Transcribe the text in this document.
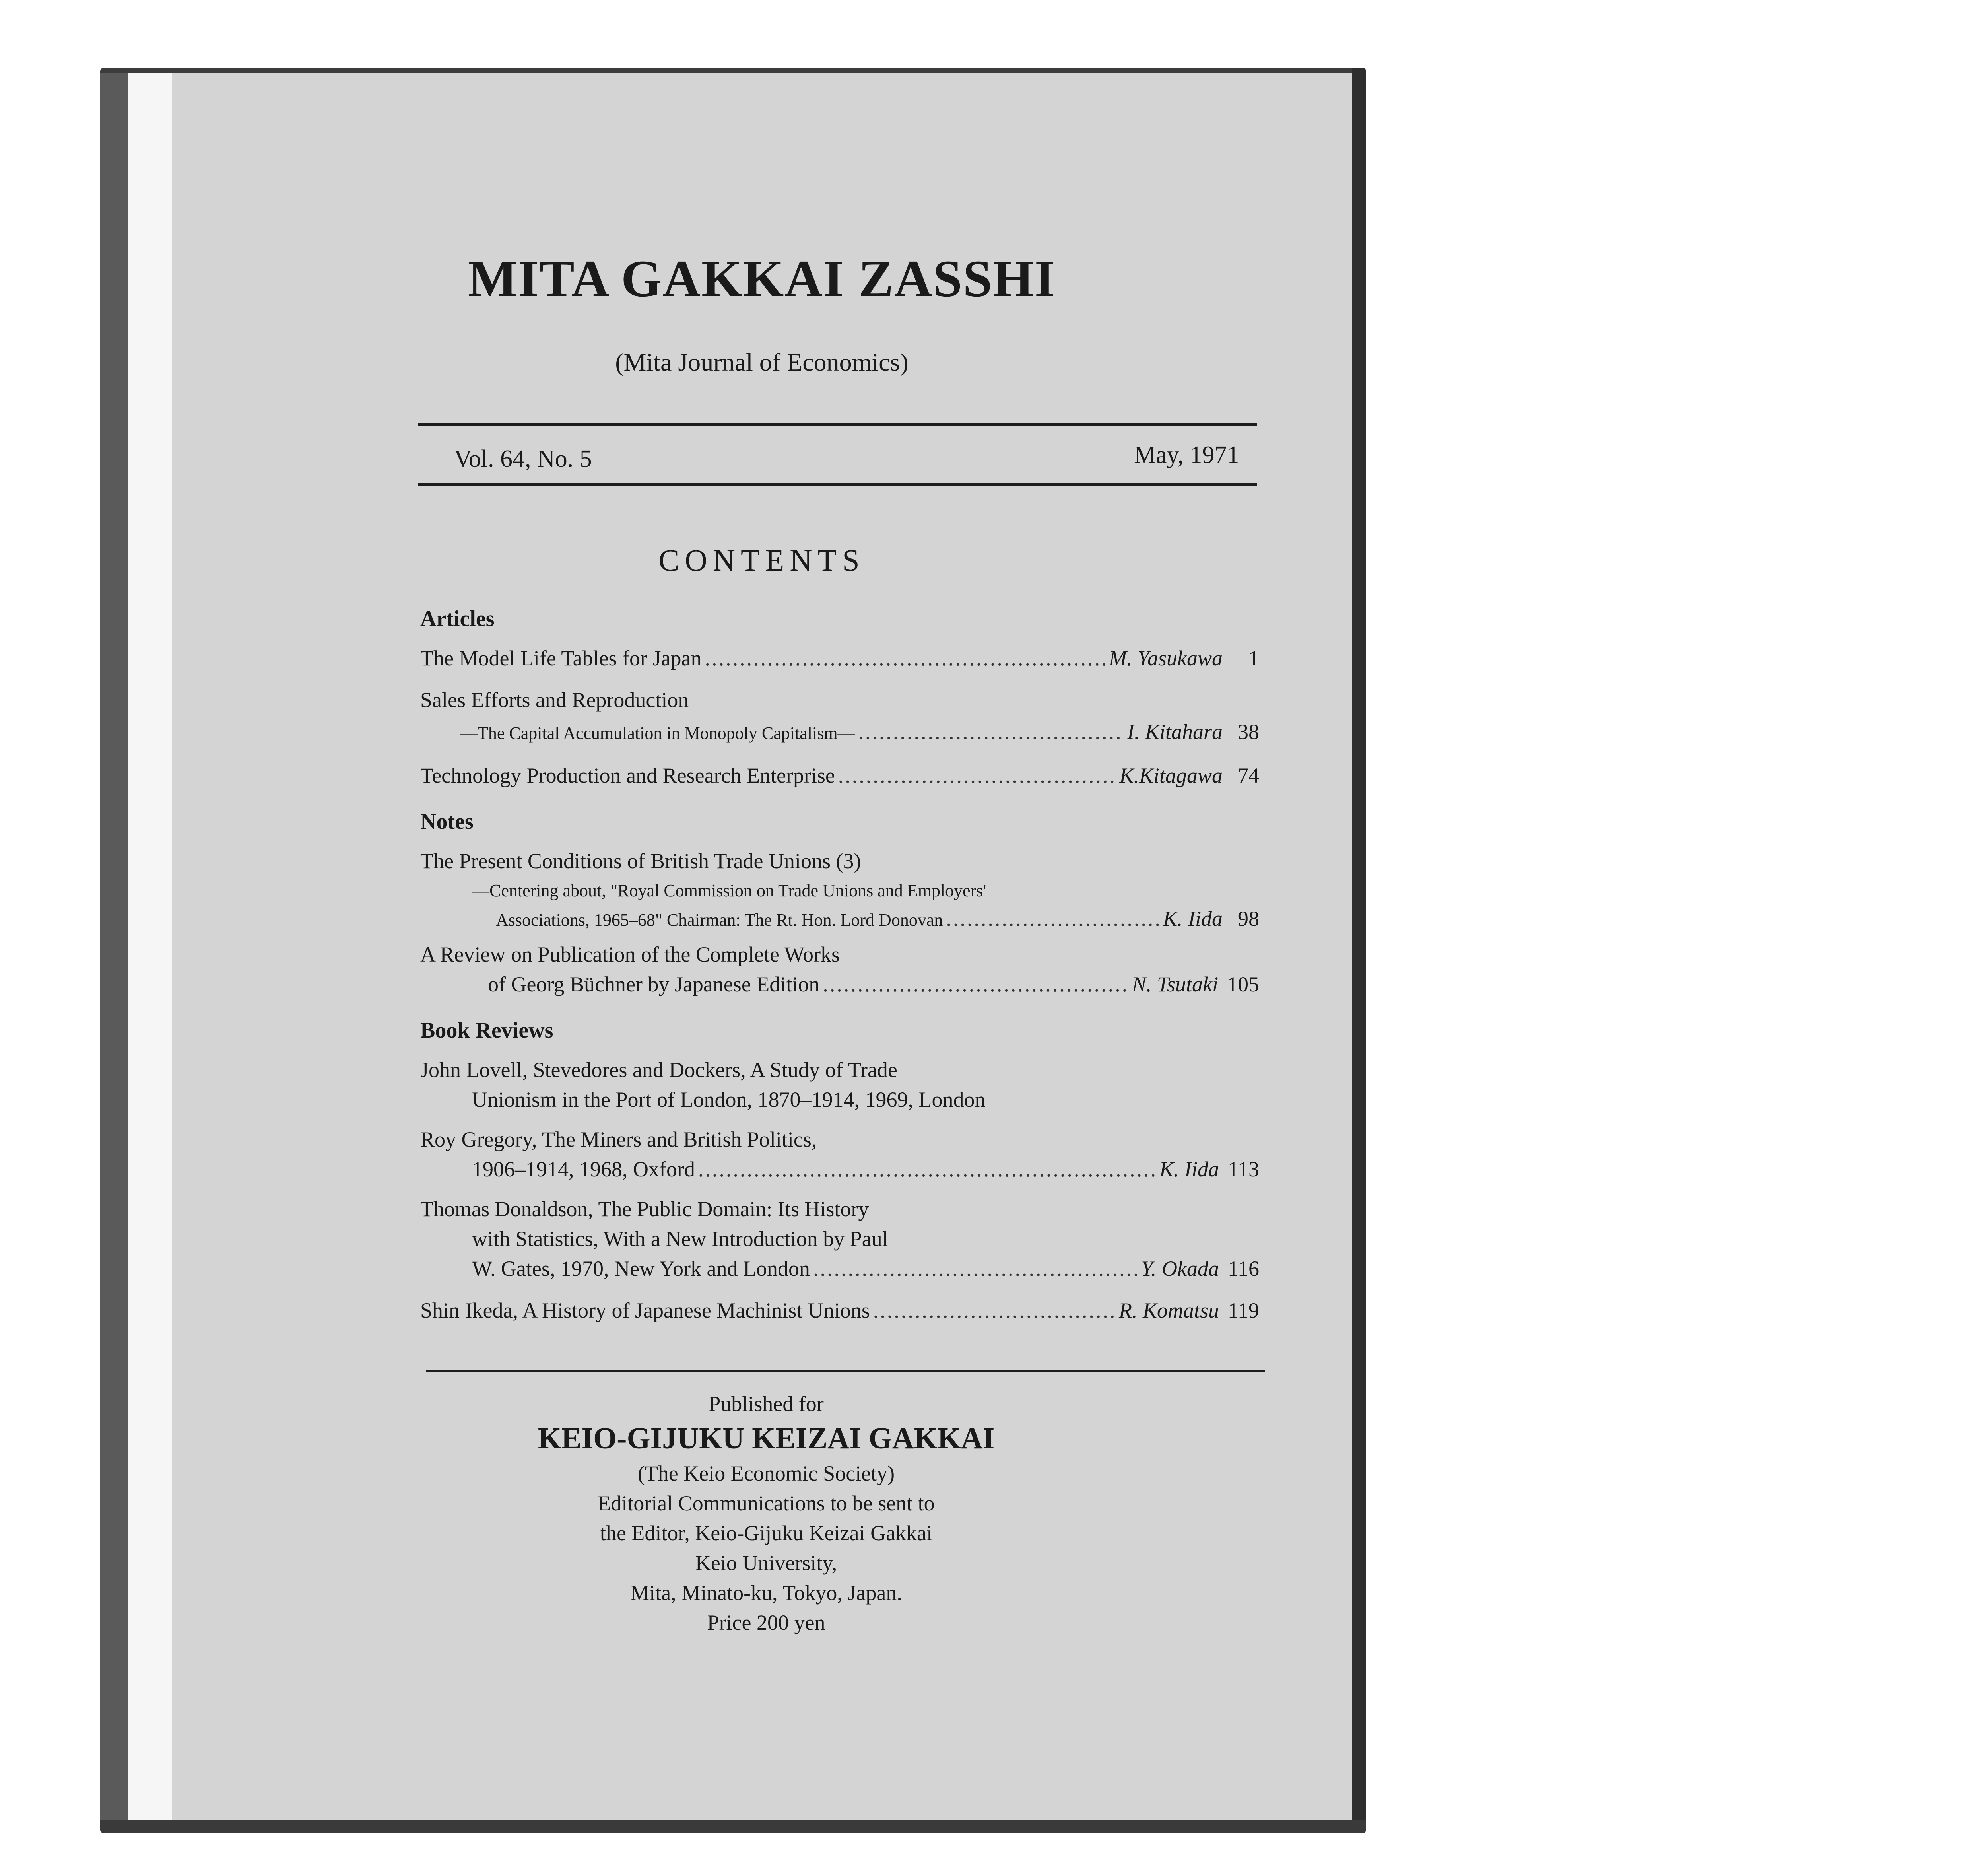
MITA GAKKAI ZASSHI
(Mita Journal of Economics)
Vol. 64, No. 5	May, 1971
CONTENTS
Articles
The Model Life Tables for Japan .....	M. Yasukawa	1
Sales Efforts and Reproduction
—The Capital Accumulation in Monopoly Capitalism— .....	I. Kitahara 38
Technology Production and Research Enterprise .....	K.Kitagawa 74
Notes
The Present Conditions of British Trade Unions (3)
—Centering about, "Royal Commission on Trade Unions and Employers'
Associations, 1965–68" Chairman: The Rt. Hon. Lord Donovan .....	K. Iida 98
A Review on Publication of the Complete Works
of Georg Büchner by Japanese Edition .....	N. Tsutaki 105
Book Reviews
John Lovell, Stevedores and Dockers, A Study of Trade
Unionism in the Port of London, 1870–1914, 1969, London
Roy Gregory, The Miners and British Politics,
1906–1914, 1968, Oxford .....	K. Iida 113
Thomas Donaldson, The Public Domain: Its History
with Statistics, With a New Introduction by Paul
W. Gates, 1970, New York and London .....	Y. Okada 116
Shin Ikeda, A History of Japanese Machinist Unions .....	R. Komatsu 119
Published for
KEIO-GIJUKU KEIZAI GAKKAI
(The Keio Economic Society)
Editorial Communications to be sent to
the Editor, Keio-Gijuku Keizai Gakkai
Keio University,
Mita, Minato-ku, Tokyo, Japan.
Price 200 yen
